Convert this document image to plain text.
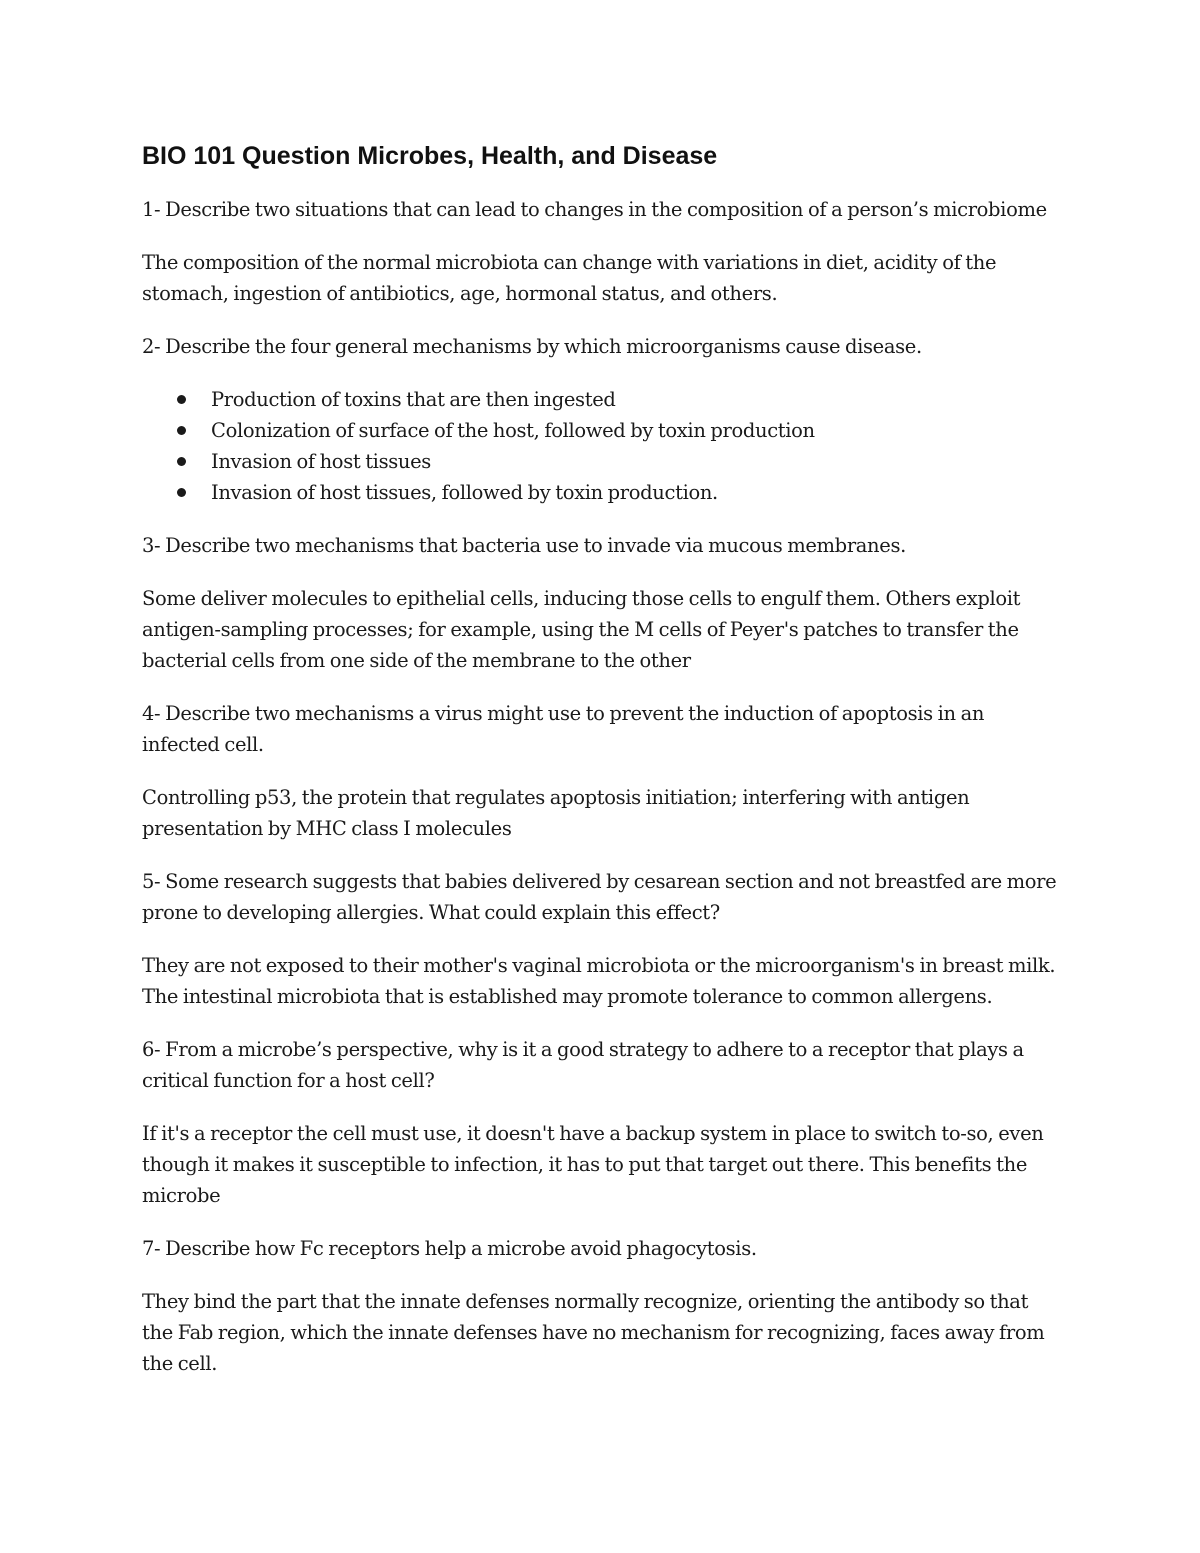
BIO 101 Question Microbes, Health, and Disease
1- Describe two situations that can lead to changes in the composition of a person’s microbiome
The composition of the normal microbiota can change with variations in diet, acidity of the stomach, ingestion of antibiotics, age, hormonal status, and others.
2- Describe the four general mechanisms by which microorganisms cause disease.
Production of toxins that are then ingested
Colonization of surface of the host, followed by toxin production
Invasion of host tissues
Invasion of host tissues, followed by toxin production.
3- Describe two mechanisms that bacteria use to invade via mucous membranes.
Some deliver molecules to epithelial cells, inducing those cells to engulf them. Others exploit antigen-sampling processes; for example, using the M cells of Peyer's patches to transfer the bacterial cells from one side of the membrane to the other
4- Describe two mechanisms a virus might use to prevent the induction of apoptosis in an infected cell.
Controlling p53, the protein that regulates apoptosis initiation; interfering with antigen presentation by MHC class I molecules
5- Some research suggests that babies delivered by cesarean section and not breastfed are more prone to developing allergies. What could explain this effect?
They are not exposed to their mother's vaginal microbiota or the microorganism's in breast milk. The intestinal microbiota that is established may promote tolerance to common allergens.
6- From a microbe’s perspective, why is it a good strategy to adhere to a receptor that plays a critical function for a host cell?
If it's a receptor the cell must use, it doesn't have a backup system in place to switch to-so, even though it makes it susceptible to infection, it has to put that target out there. This benefits the microbe
7- Describe how Fc receptors help a microbe avoid phagocytosis.
They bind the part that the innate defenses normally recognize, orienting the antibody so that the Fab region, which the innate defenses have no mechanism for recognizing, faces away from the cell.
